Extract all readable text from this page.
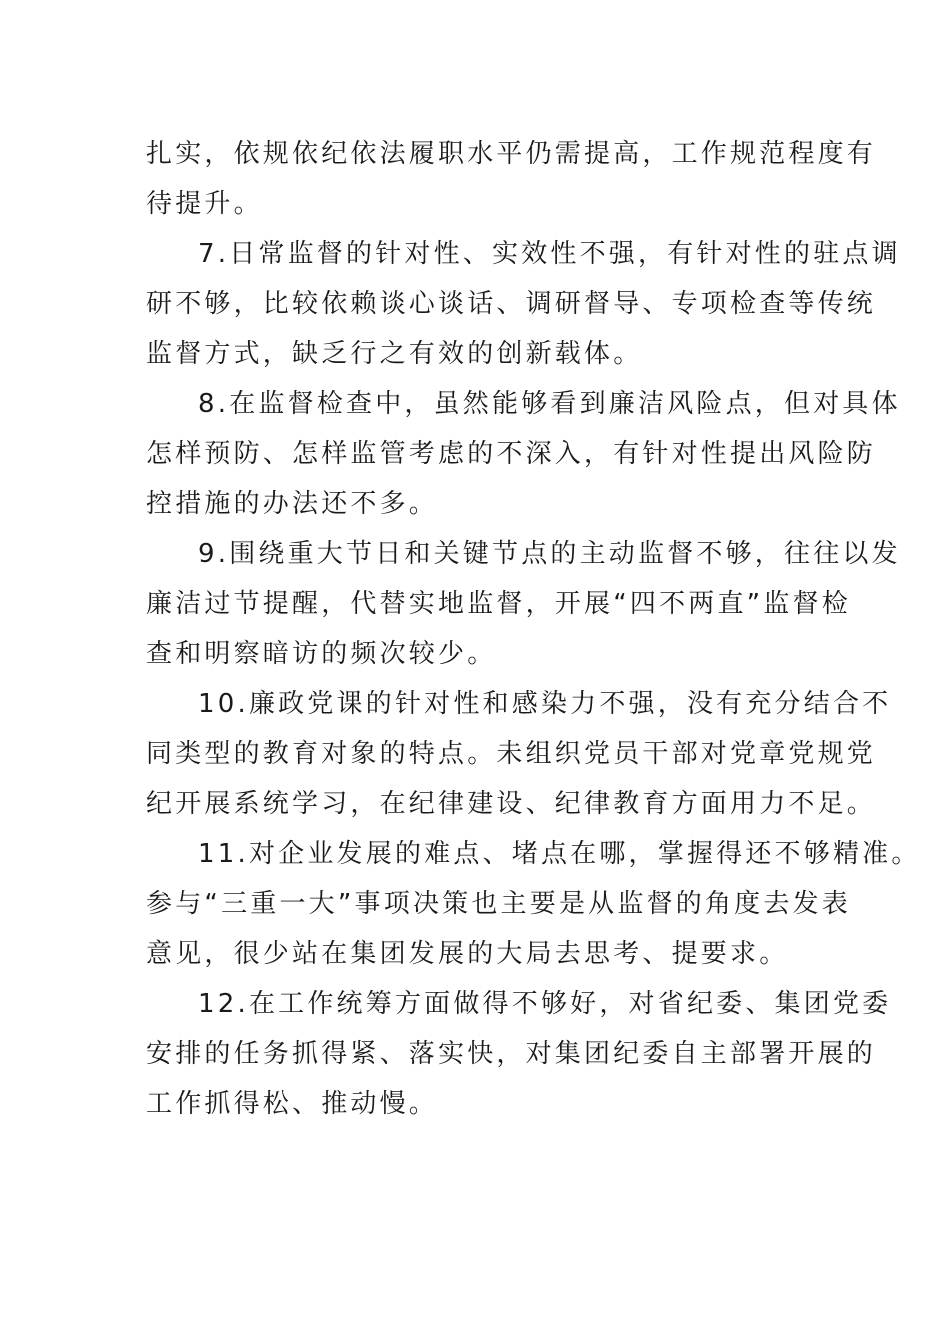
扎实，依规依纪依法履职水平仍需提高，工作规范程度有
待提升。
7.日常监督的针对性、实效性不强，有针对性的驻点调
研不够，比较依赖谈心谈话、调研督导、专项检查等传统
监督方式，缺乏行之有效的创新载体。
8.在监督检查中，虽然能够看到廉洁风险点，但对具体
怎样预防、怎样监管考虑的不深入，有针对性提出风险防
控措施的办法还不多。
9.围绕重大节日和关键节点的主动监督不够，往往以发
廉洁过节提醒，代替实地监督，开展“四不两直”监督检
查和明察暗访的频次较少。
10.廉政党课的针对性和感染力不强，没有充分结合不
同类型的教育对象的特点。未组织党员干部对党章党规党
纪开展系统学习，在纪律建设、纪律教育方面用力不足。
11.对企业发展的难点、堵点在哪，掌握得还不够精准。
参与“三重一大”事项决策也主要是从监督的角度去发表
意见，很少站在集团发展的大局去思考、提要求。
12.在工作统筹方面做得不够好，对省纪委、集团党委
安排的任务抓得紧、落实快，对集团纪委自主部署开展的
工作抓得松、推动慢。
